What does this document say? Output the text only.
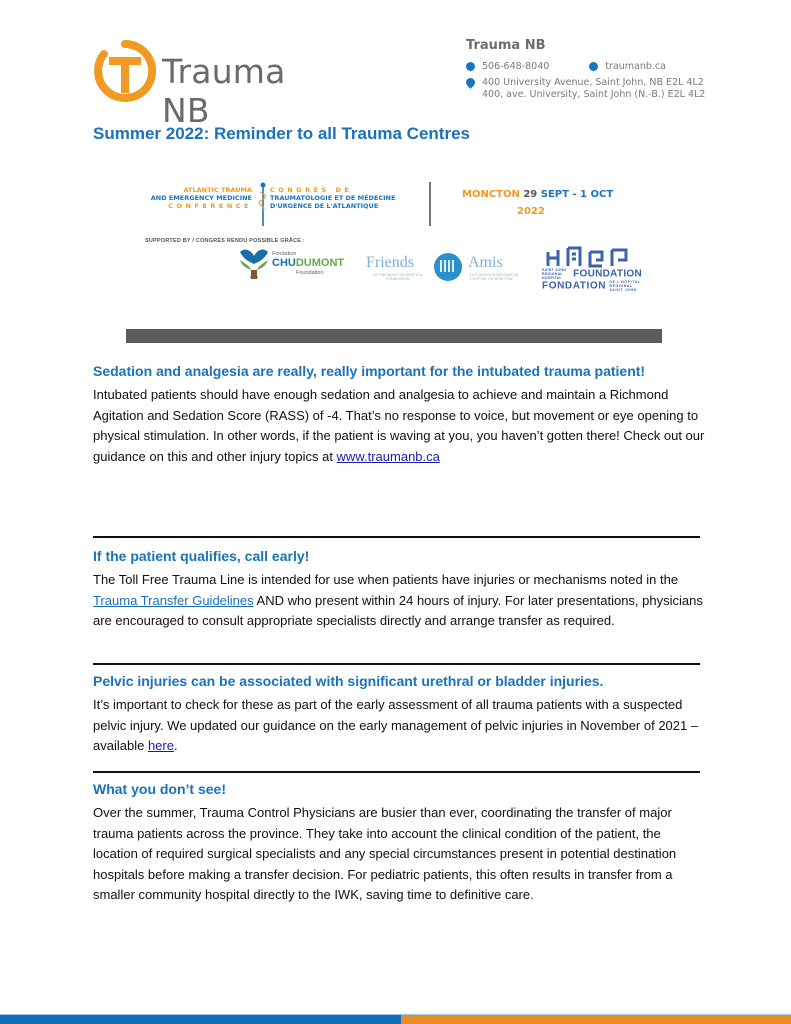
Trauma NB
Trauma NB
506-648-8040	traumanb.ca
400 University Avenue, Saint John, NB E2L 4L2
400, ave. University, Saint John (N.-B.) E2L 4L2
Summer 2022: Reminder to all Trauma Centres
ATLANTIC TRAUMA
AND EMERGENCY MEDICINE
CONFERENCE
CONGRÈS DE
TRAUMATOLOGIE ET DE MÉDECINE
D'URGENCE DE L'ATLANTIQUE
MONCTON 29 SEPT - 1 OCT
2022
SUPPORTED BY / CONGRÈS RENDU POSSIBLE GRÂCE :
Fondation
CHUDUMONT
Foundation
Friends	Amis
OF THE MONCTON HOSPITAL FOUNDATION
LA FONDATION DES AMIS DE L'HÔPITAL DE MONCTON
SAINT JOHN REGIONAL HOSPITAL FOUNDATION
FONDATION DE L'HÔPITAL RÉGIONAL SAINT JOHN
Sedation and analgesia are really, really important for the intubated trauma patient!
Intubated patients should have enough sedation and analgesia to achieve and maintain a Richmond Agitation and Sedation Score (RASS) of -4. That’s no response to voice, but movement or eye opening to physical stimulation. In other words, if the patient is waving at you, you haven’t gotten there! Check out our guidance on this and other injury topics at www.traumanb.ca
If the patient qualifies, call early!
The Toll Free Trauma Line is intended for use when patients have injuries or mechanisms noted in the Trauma Transfer Guidelines AND who present within 24 hours of injury. For later presentations, physicians are encouraged to consult appropriate specialists directly and arrange transfer as required.
Pelvic injuries can be associated with significant urethral or bladder injuries.
It’s important to check for these as part of the early assessment of all trauma patients with a suspected pelvic injury. We updated our guidance on the early management of pelvic injuries in November of 2021 – available here.
What you don’t see!
Over the summer, Trauma Control Physicians are busier than ever, coordinating the transfer of major trauma patients across the province. They take into account the clinical condition of the patient, the location of required surgical specialists and any special circumstances present in potential destination hospitals before making a transfer decision. For pediatric patients, this often results in transfer from a smaller community hospital directly to the IWK, saving time to definitive care.
